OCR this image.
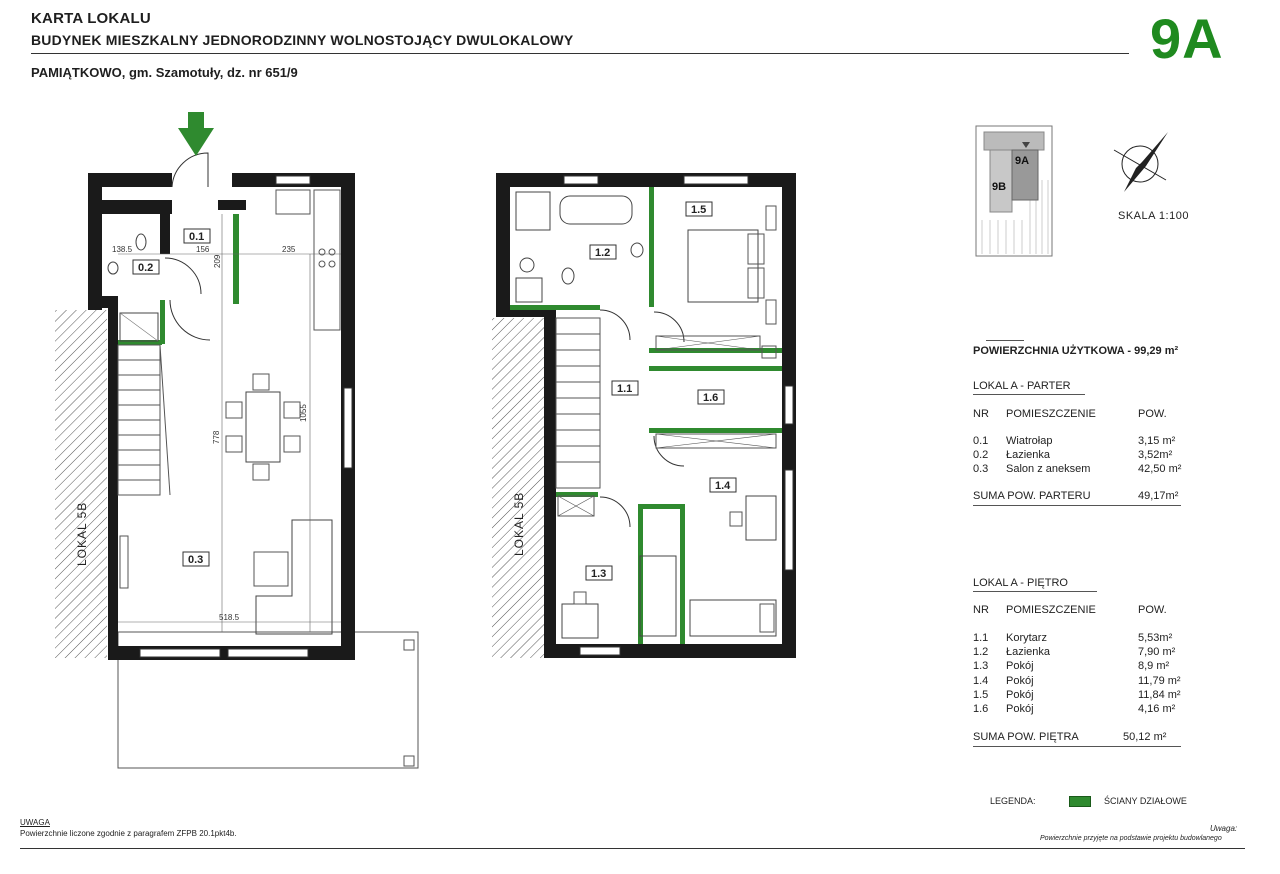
KARTA LOKALU
BUDYNEK MIESZKALNY JEDNORODZINNY WOLNOSTOJĄCY DWULOKALOWY
PAMIĄTKOWO, gm. Szamotuły, dz. nr 651/9
9A
0.1
0.2
0.3
138.5	156	235
209
778
1055
518.5
LOKAL 5B
1.2
1.5
1.1
1.6
1.4
1.3
LOKAL 5B
9A
9B
SKALA 1:100
POWIERZCHNIA UŻYTKOWA - 99,29 m²
LOKAL A - PARTER
NR POMIESZCZENIE	POW.
0.1 Wiatrołap	3,15 m²
0.2 Łazienka	3,52m²
0.3 Salon z aneksem	42,50 m²
SUMA POW. PARTERU	49,17m²
LOKAL A - PIĘTRO
NR POMIESZCZENIE	POW.
1.1 Korytarz	5,53m²
1.2 Łazienka	7,90 m²
1.3 Pokój	8,9 m²
1.4 Pokój	11,79 m²
1.5 Pokój	11,84 m²
1.6 Pokój	4,16 m²
SUMA POW. PIĘTRA	50,12 m²
LEGENDA:	ŚCIANY DZIAŁOWE
UWAGA
Powierzchnie liczone zgodnie z paragrafem ZFPB 20.1pkt4b.
Uwaga:
Powierzchnie przyjęte na podstawie projektu budowlanego
